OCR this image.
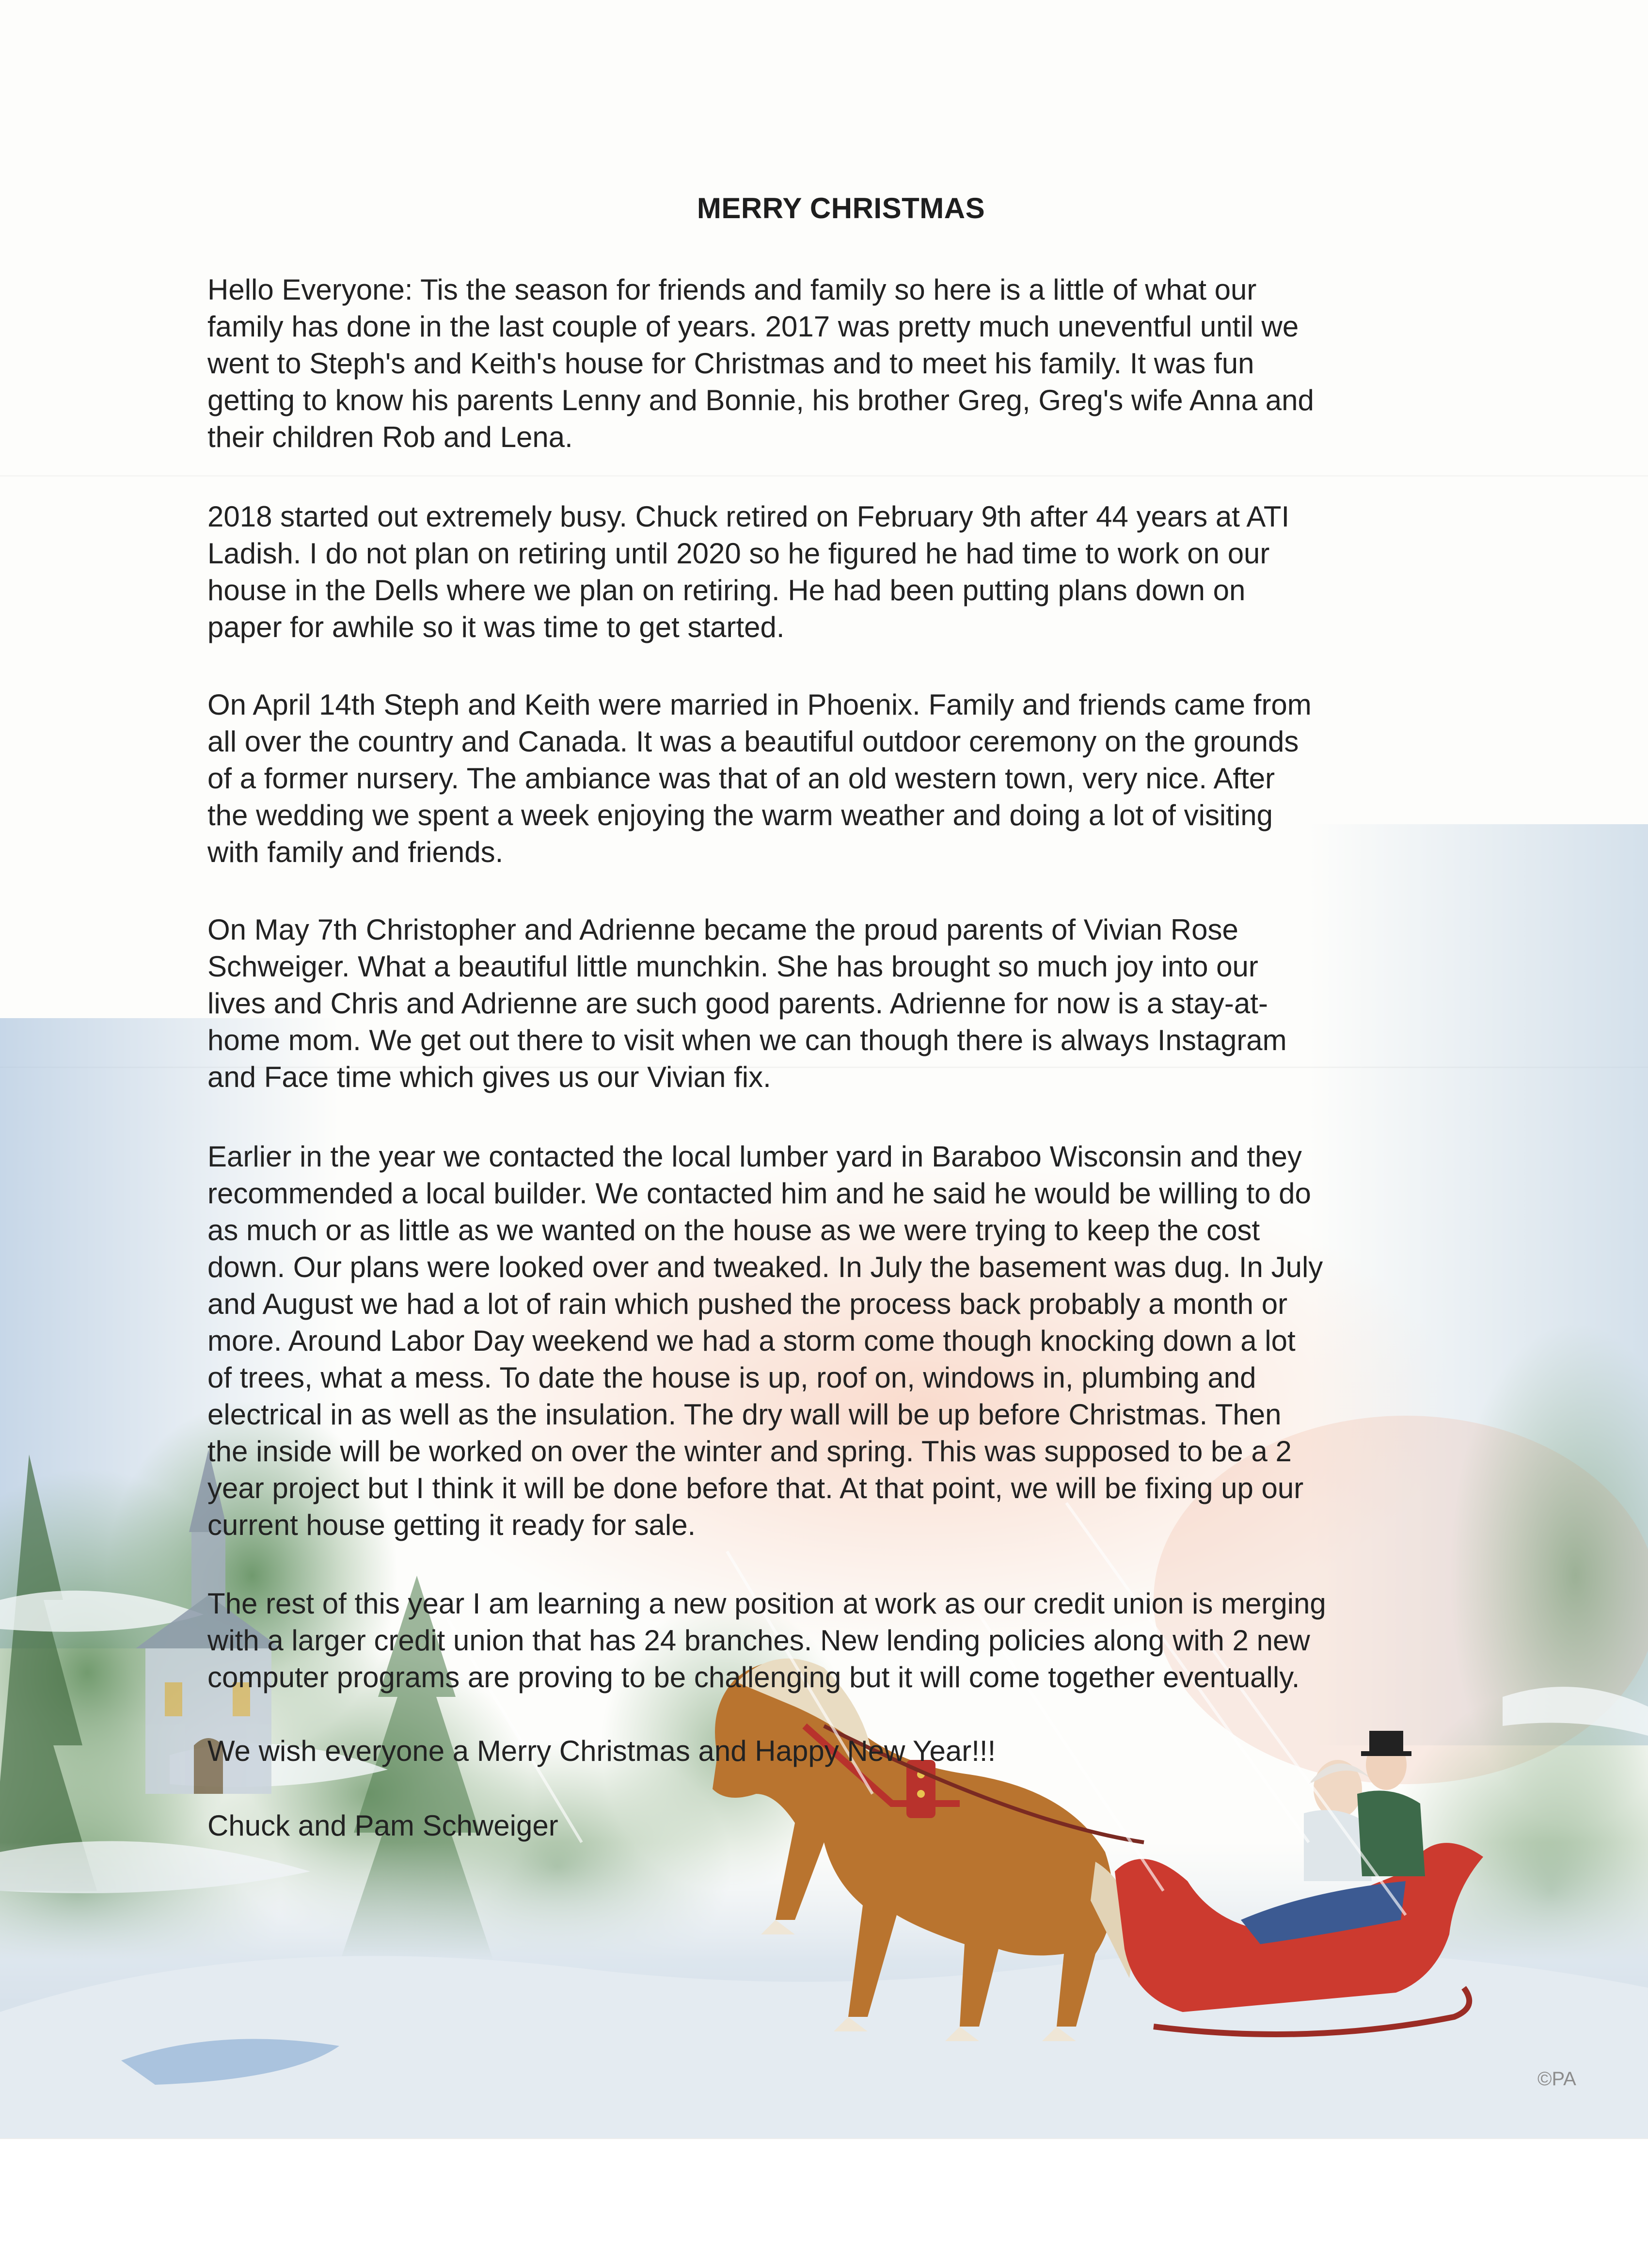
MERRY CHRISTMAS

Hello Everyone: Tis the season for friends and family so here is a little of what our
family has done in the last couple of years. 2017 was pretty much uneventful until we
went to Steph's and Keith's house for Christmas and to meet his family. It was fun
getting to know his parents Lenny and Bonnie, his brother Greg, Greg's wife Anna and
their children Rob and Lena.

2018 started out extremely busy. Chuck retired on February 9th after 44 years at ATI
Ladish. I do not plan on retiring until 2020 so he figured he had time to work on our
house in the Dells where we plan on retiring. He had been putting plans down on
paper for awhile so it was time to get started.

On April 14th Steph and Keith were married in Phoenix. Family and friends came from
all over the country and Canada. It was a beautiful outdoor ceremony on the grounds
of a former nursery. The ambiance was that of an old western town, very nice. After
the wedding we spent a week enjoying the warm weather and doing a lot of visiting
with family and friends.

On May 7th Christopher and Adrienne became the proud parents of Vivian Rose
Schweiger. What a beautiful little munchkin. She has brought so much joy into our
lives and Chris and Adrienne are such good parents. Adrienne for now is a stay-at-
home mom. We get out there to visit when we can though there is always Instagram
and Face time which gives us our Vivian fix.

Earlier in the year we contacted the local lumber yard in Baraboo Wisconsin and they
recommended a local builder. We contacted him and he said he would be willing to do
as much or as little as we wanted on the house as we were trying to keep the cost
down. Our plans were looked over and tweaked. In July the basement was dug. In July
and August we had a lot of rain which pushed the process back probably a month or
more. Around Labor Day weekend we had a storm come though knocking down a lot
of trees, what a mess. To date the house is up, roof on, windows in, plumbing and
electrical in as well as the insulation. The dry wall will be up before Christmas. Then
the inside will be worked on over the winter and spring. This was supposed to be a 2
year project but I think it will be done before that. At that point, we will be fixing up our
current house getting it ready for sale.

The rest of this year I am learning a new position at work as our credit union is merging
with a larger credit union that has 24 branches. New lending policies along with 2 new
computer programs are proving to be challenging but it will come together eventually.

We wish everyone a Merry Christmas and Happy New Year!!!

Chuck and Pam Schweiger

©PA
